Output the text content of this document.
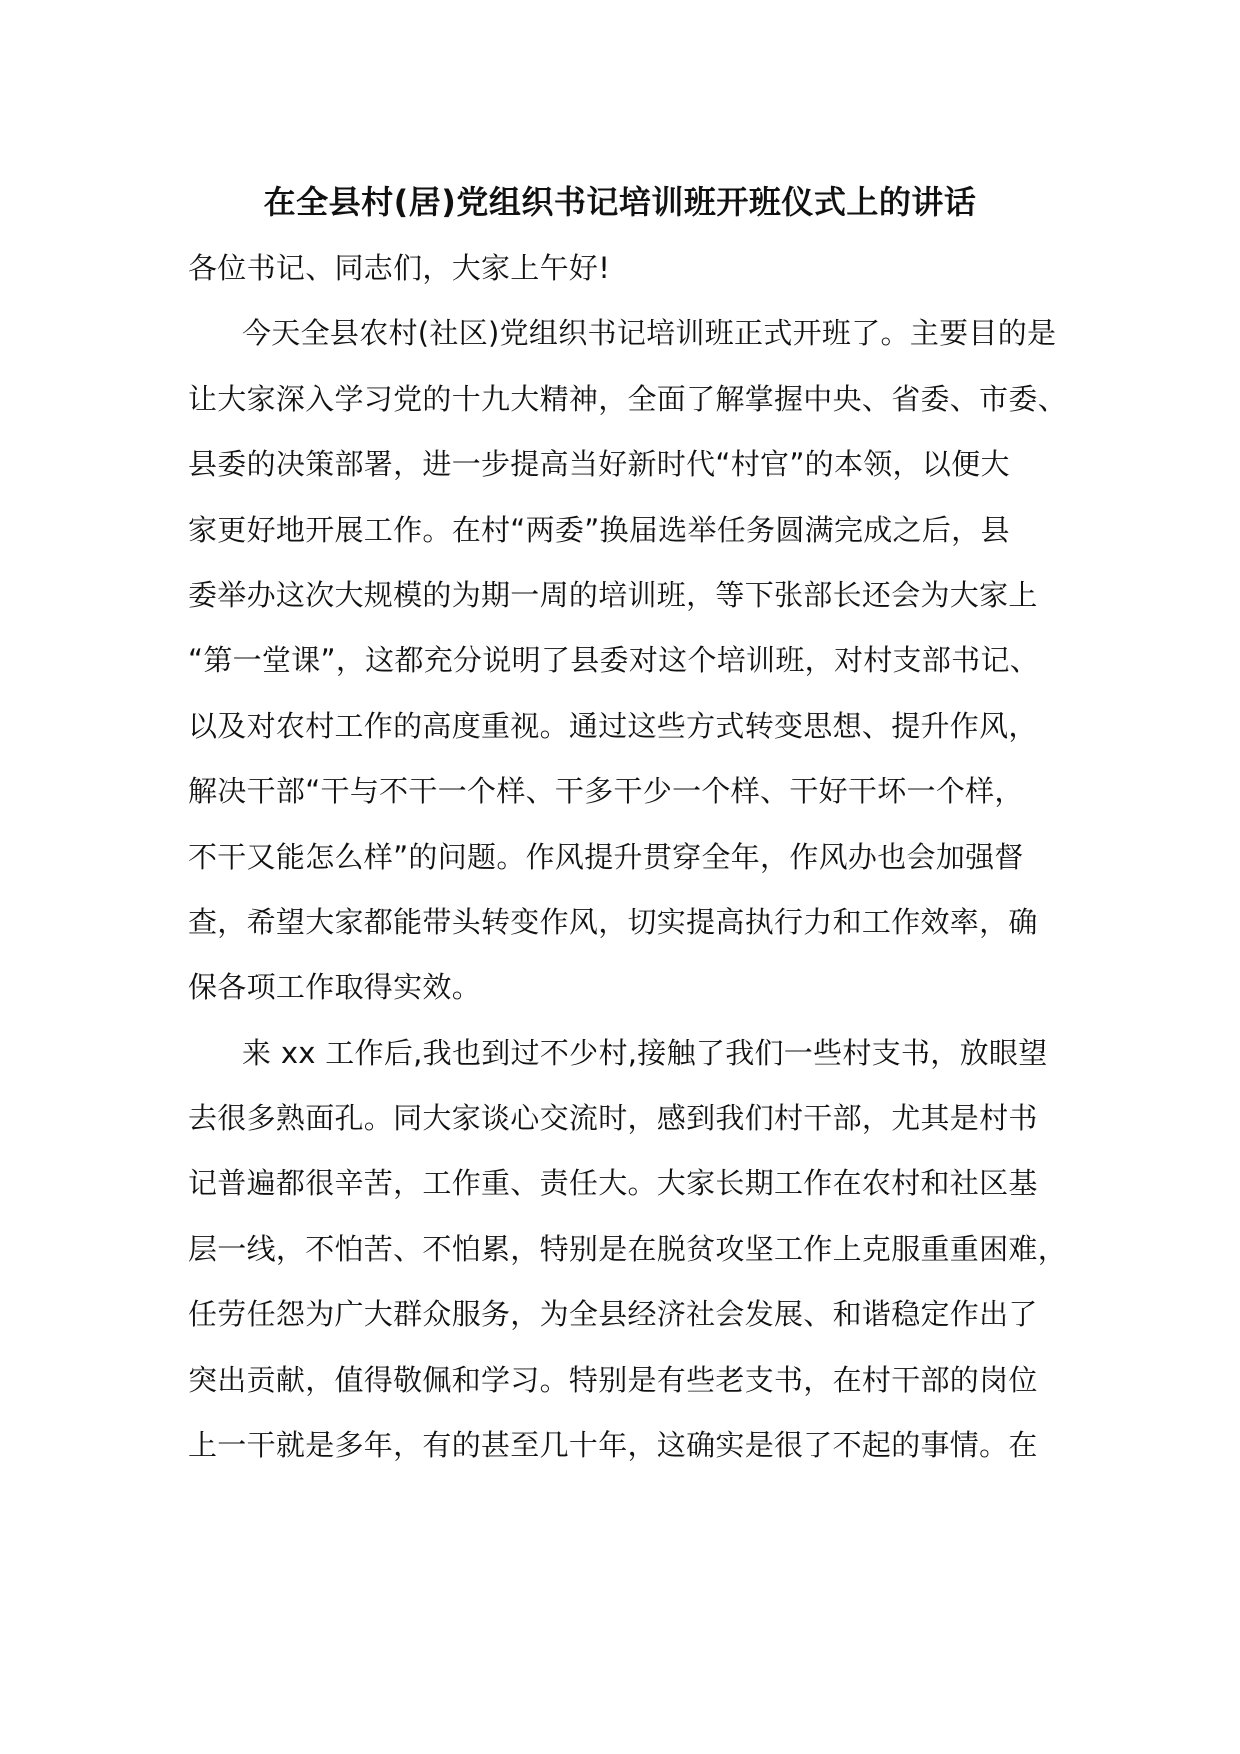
在全县村(居)党组织书记培训班开班仪式上的讲话
各位书记、同志们，大家上午好!
今天全县农村(社区)党组织书记培训班正式开班了。主要目的是
让大家深入学习党的十九大精神，全面了解掌握中央、省委、市委、
县委的决策部署，进一步提高当好新时代“村官”的本领，以便大
家更好地开展工作。在村“两委”换届选举任务圆满完成之后，县
委举办这次大规模的为期一周的培训班，等下张部长还会为大家上
“第一堂课”，这都充分说明了县委对这个培训班，对村支部书记、
以及对农村工作的高度重视。通过这些方式转变思想、提升作风，
解决干部“干与不干一个样、干多干少一个样、干好干坏一个样，
不干又能怎么样”的问题。作风提升贯穿全年，作风办也会加强督
查，希望大家都能带头转变作风，切实提高执行力和工作效率，确
保各项工作取得实效。
来 xx 工作后,我也到过不少村,接触了我们一些村支书，放眼望
去很多熟面孔。同大家谈心交流时，感到我们村干部，尤其是村书
记普遍都很辛苦，工作重、责任大。大家长期工作在农村和社区基
层一线，不怕苦、不怕累，特别是在脱贫攻坚工作上克服重重困难，
任劳任怨为广大群众服务，为全县经济社会发展、和谐稳定作出了
突出贡献，值得敬佩和学习。特别是有些老支书，在村干部的岗位
上一干就是多年，有的甚至几十年，这确实是很了不起的事情。在
